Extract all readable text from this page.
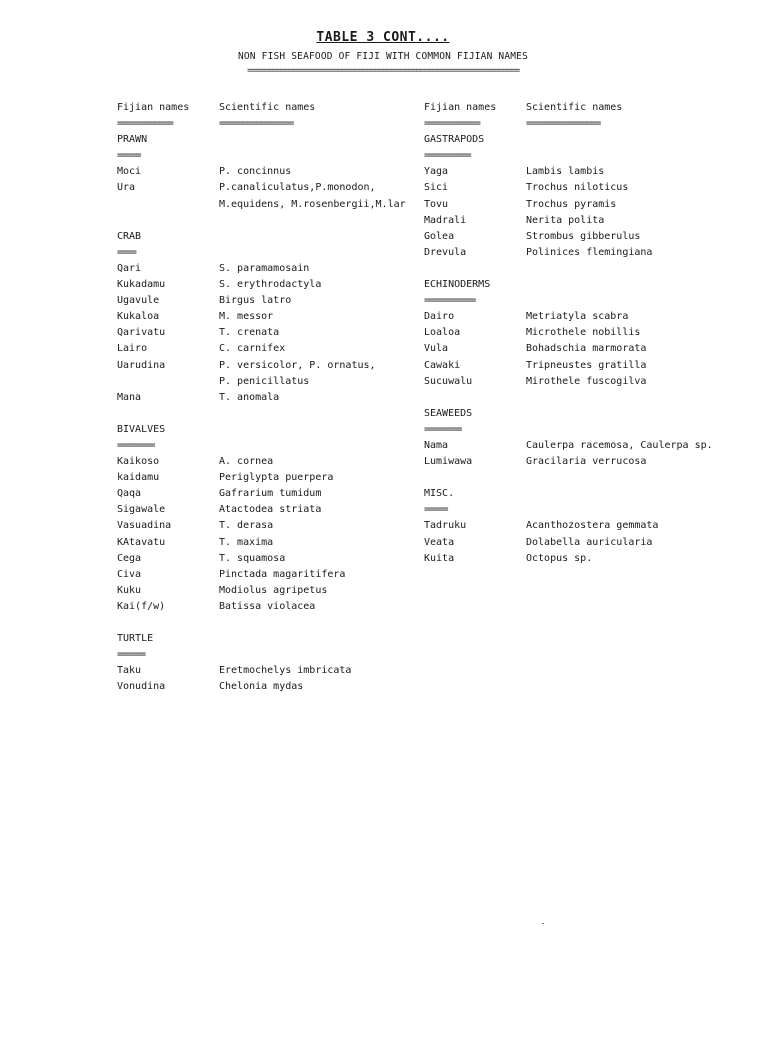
TABLE 3 CONT....
NON FISH SEAFOOD OF FIJI WITH COMMON FIJIAN NAMES
==================================================================
Fijian names	Scientific names
============	================
PRAWN
=====
Moci	P. concinnus
Ura	P.canaliculatus,P.monodon,
M.equidens, M.rosenbergii,M.lar
CRAB
====
Qari	S. paramamosain
Kukadamu	S. erythrodactyla
Ugavule	Birgus latro
Kukaloa	M. messor
Qarivatu	T. crenata
Lairo	C. carnifex
Uarudina	P. versicolor, P. ornatus,
P. penicillatus
Mana	T. anomala
BIVALVES
========
Kaikoso	A. cornea
kaidamu	Periglypta puerpera
Qaqa	Gafrarium tumidum
Sigawale	Atactodea striata
Vasuadina	T. derasa
KAtavatu	T. maxima
Cega	T. squamosa
Civa	Pinctada magaritifera
Kuku	Modiolus agripetus
Kai(f/w)	Batissa violacea
TURTLE
======
Taku	Eretmochelys imbricata
Vonudina	Chelonia mydas
Fijian names	Scientific names
============	================
GASTRAPODS
==========
Yaga	Lambis lambis
Sici	Trochus niloticus
Tovu	Trochus pyramis
Madrali	Nerita polita
Golea	Strombus gibberulus
Drevula	Polinices flemingiana
ECHINODERMS
===========
Dairo	Metriatyla scabra
Loaloa	Microthele nobillis
Vula	Bohadschia marmorata
Cawaki	Tripneustes gratilla
Sucuwalu	Mirothele fuscogilva
SEAWEEDS
========
Nama	Caulerpa racemosa, Caulerpa sp.
Lumiwawa	Gracilaria verrucosa
MISC.
=====
Tadruku	Acanthozostera gemmata
Veata	Dolabella auricularia
Kuita	Octopus sp.
